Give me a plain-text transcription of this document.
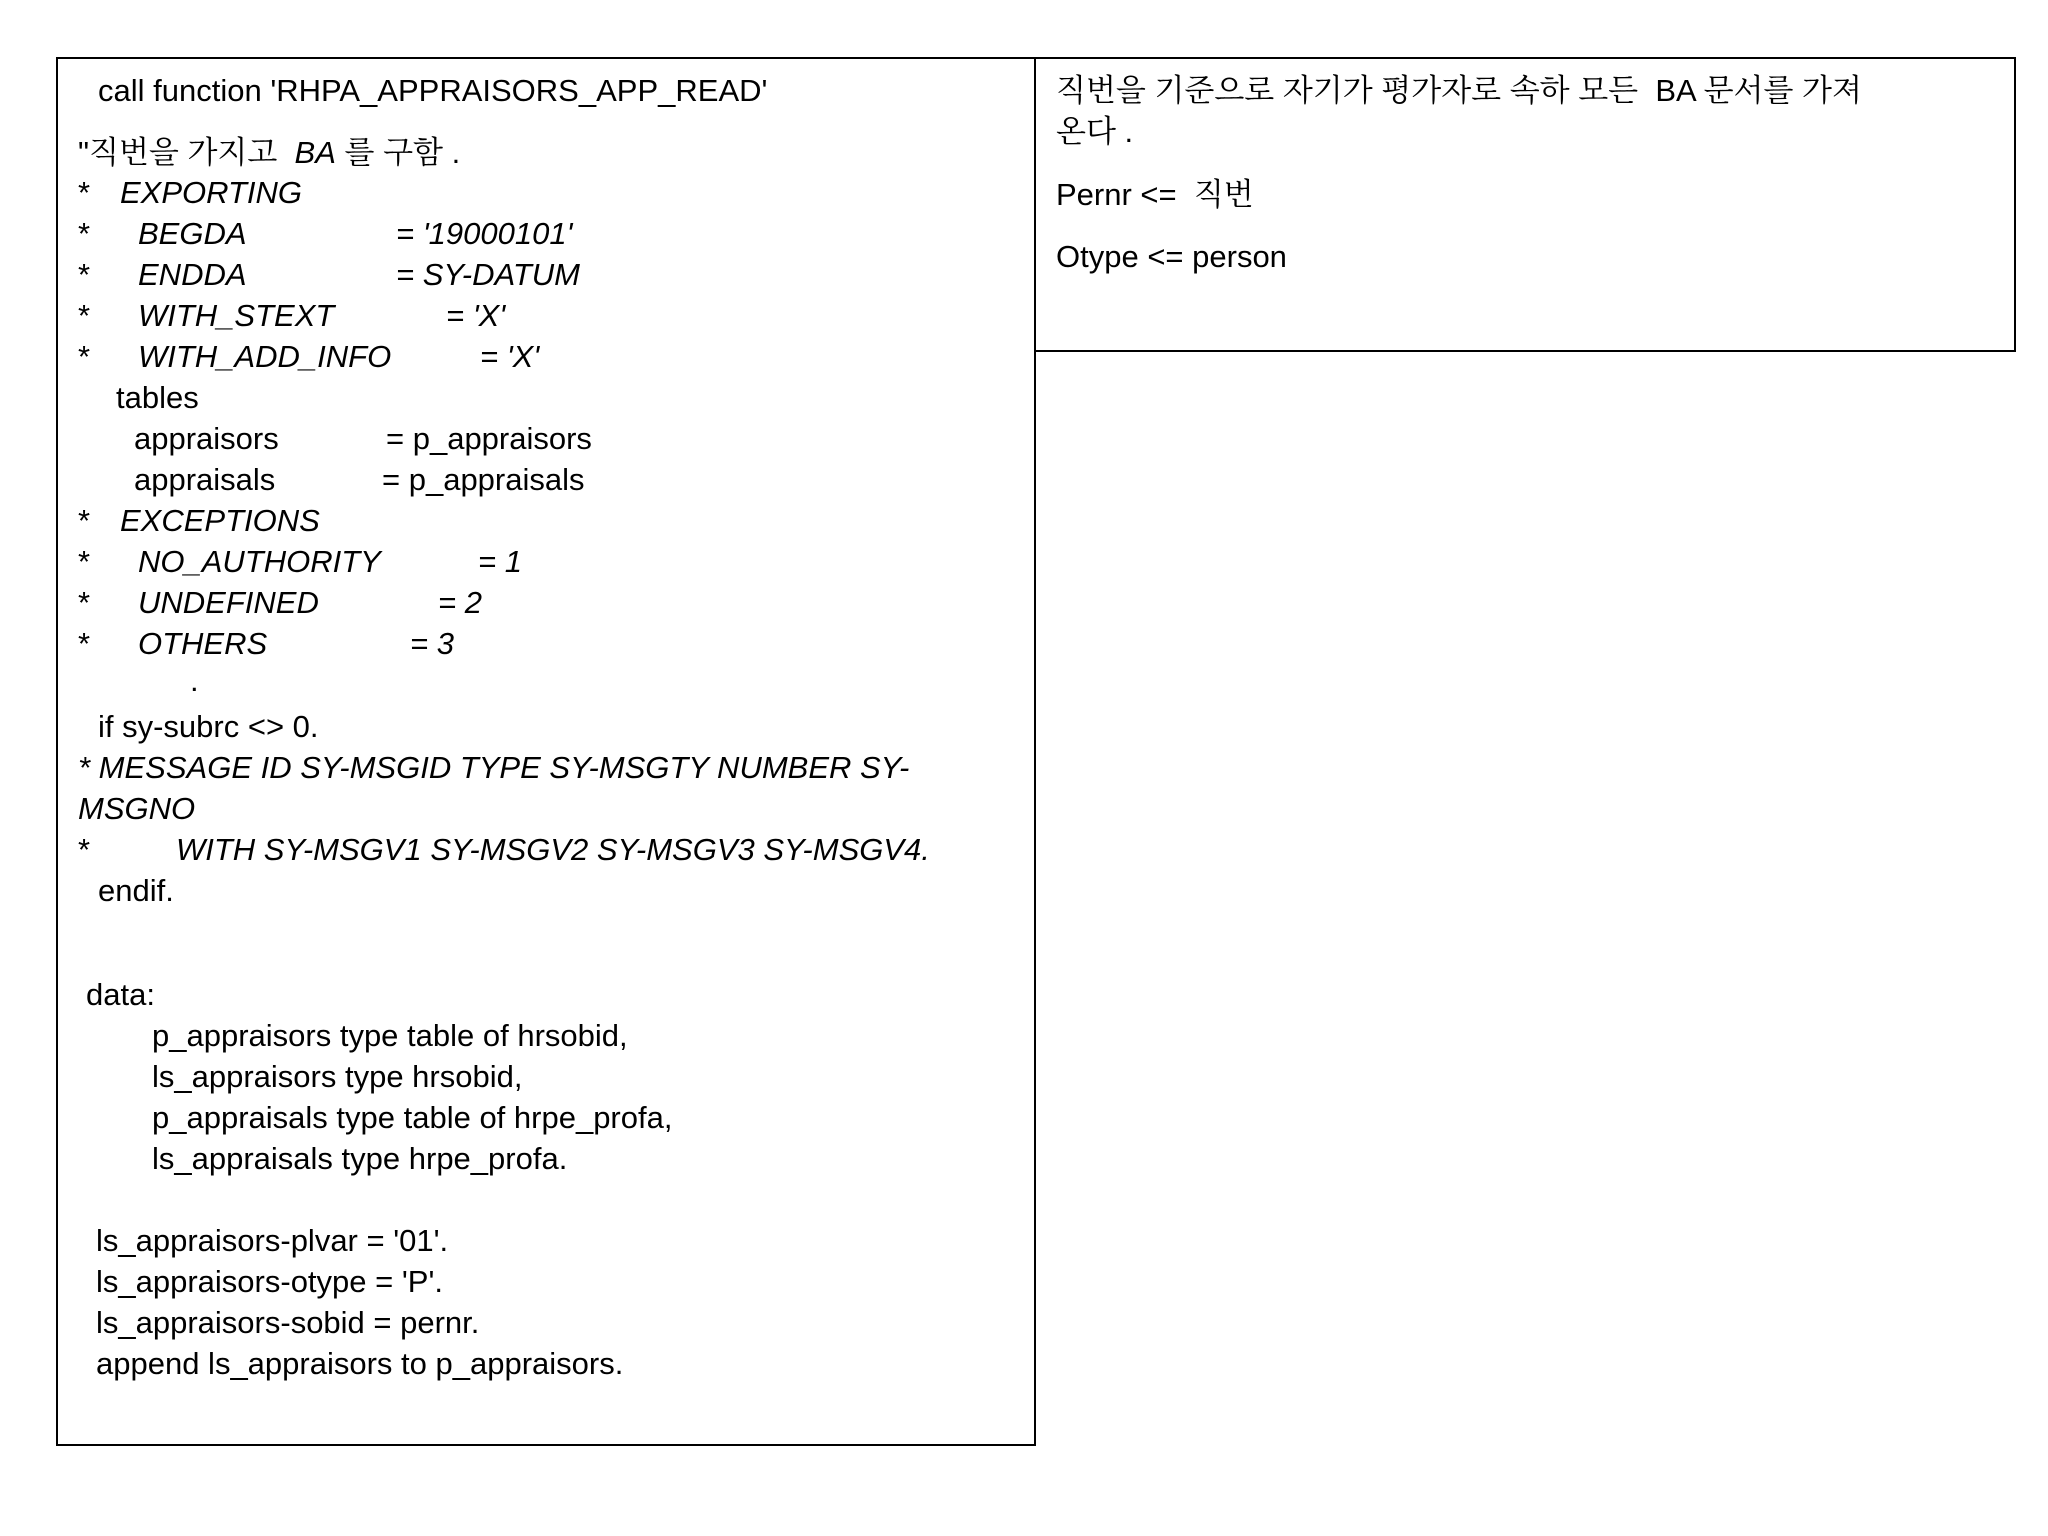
call function 'RHPA_APPRAISORS_APP_READ'
"직번을 가지고 BA 를 구함 .
* EXPORTING
* BEGDA	= '19000101'
* ENDDA	= SY-DATUM
* WITH_STEXT	= 'X'
* WITH_ADD_INFO	= 'X'
tables
appraisors	= p_appraisors
appraisals	= p_appraisals
* EXCEPTIONS
* NO_AUTHORITY	= 1
* UNDEFINED	= 2
* OTHERS	= 3
.
if sy-subrc <> 0.
* MESSAGE ID SY-MSGID TYPE SY-MSGTY NUMBER SY-
MSGNO
*	WITH SY-MSGV1 SY-MSGV2 SY-MSGV3 SY-MSGV4.
endif.
data:
p_appraisors type table of hrsobid,
ls_appraisors type hrsobid,
p_appraisals type table of hrpe_profa,
ls_appraisals type hrpe_profa.
ls_appraisors-plvar = '01'.
ls_appraisors-otype = 'P'.
ls_appraisors-sobid = pernr.
append ls_appraisors to p_appraisors.
직번을 기준으로 자기가 평가자로 속하 모든  BA 문서를 가져
온다 .
Pernr <=  직번
Otype <= person
